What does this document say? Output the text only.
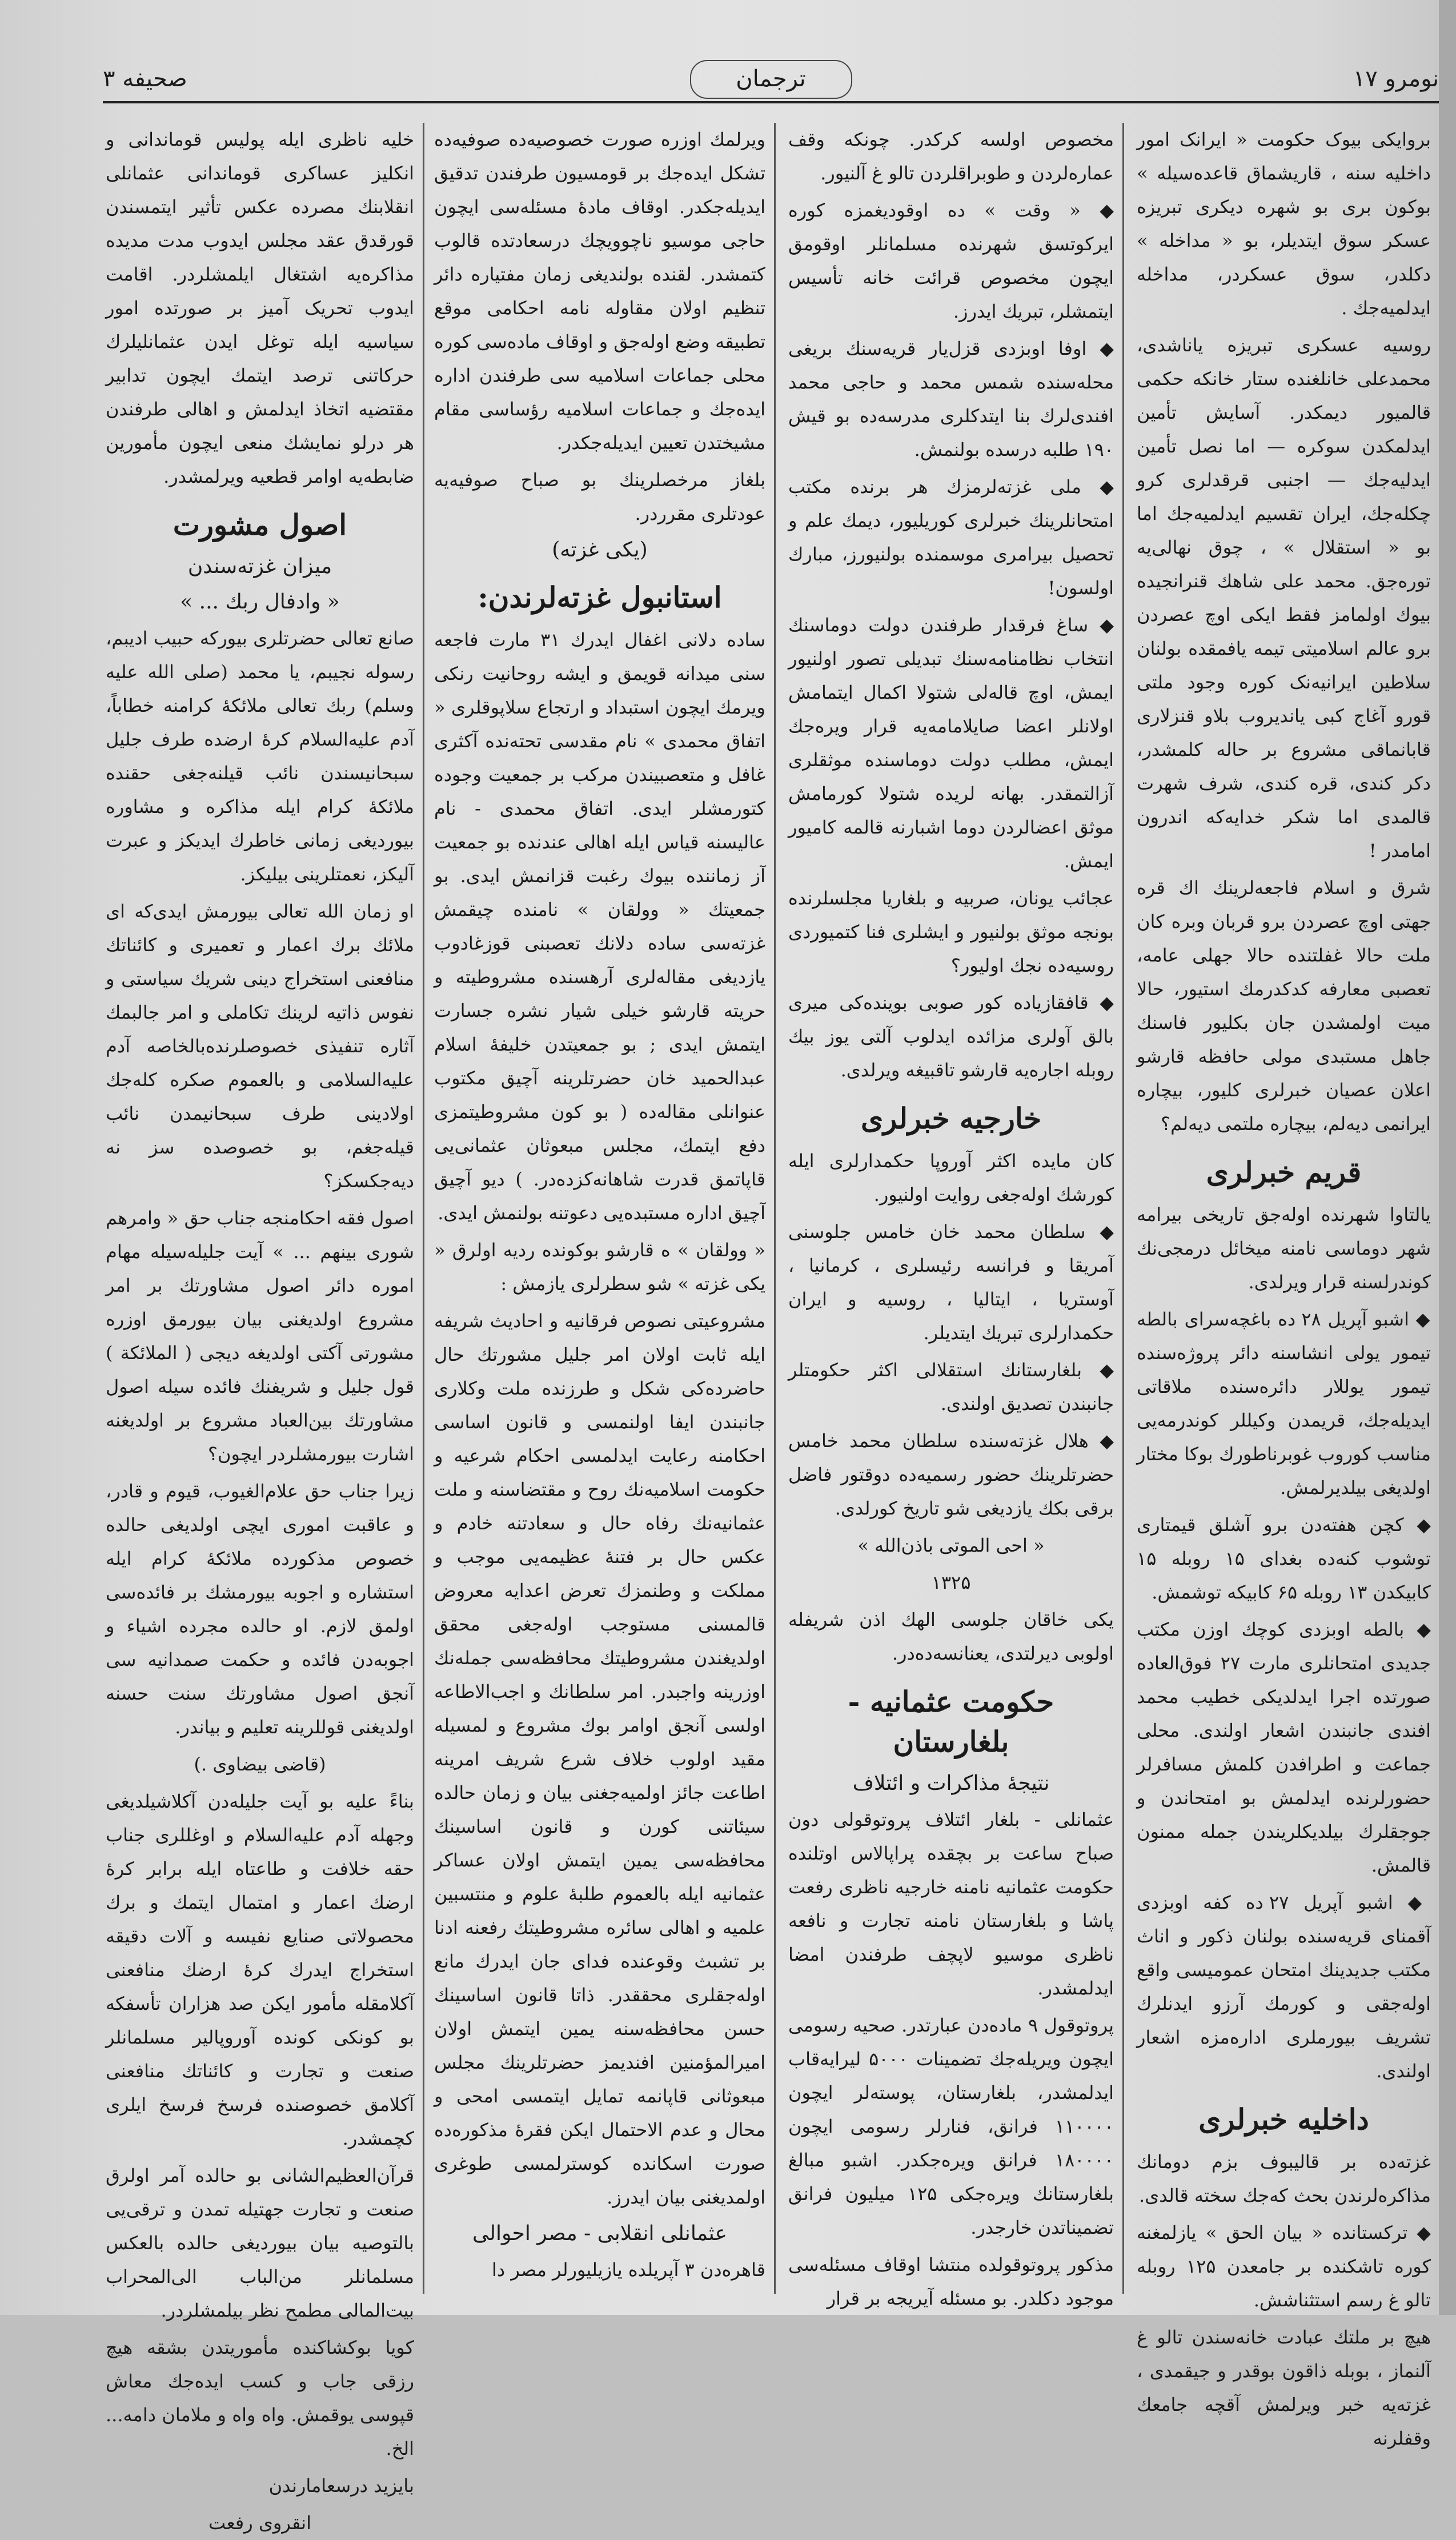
نومرو ۱۷
ترجمان
صحیفه ۳

بروایکی بیوک حکومت « ایرانک امور داخلیه سنه ، قاریشماق قاعده‌سیله » بوکون بری بو شهره دیکری تبریزه عسکر سوق ایتدیلر، بو « مداخله » دکلدر، سوق عسکردر، مداخله ایدلمیه‌جك .

روسیه عسکری تبریزه یاناشدی، محمدعلی خانلغنده ستار خانکه حکمی قالمیور دیمکدر. آسایش تأمین ایدلمکدن سوکره — اما نصل تأمین ایدلیه‌جك — اجنبی قرقدلری کرو چکله‌جك، ایران تقسیم ایدلمیه‌جك اما بو « استقلال » ، چوق نهالی‌یه توره‌جق. محمد علی شاهك قنرانجیده بیوك اولمامز فقط ایکی اوچ عصردن برو عالم اسلامیتی تیمه یافمقده بولنان سلاطین ایرانیه‌نک کوره وجود ملتی قورو آغاج کبی یاندیروب بلاو قنزلاری قابانماقی مشروع بر حاله کلمشدر، دکر کندی، قره کندی، شرف شهرت قالمدی اما شکر خدایه‌که اندرون امامدر !

شرق و اسلام فاجعه‌لرینك اك قره جهتی اوچ عصردن برو قربان وبره کان ملت حالا غفلتنده حالا جهلی عامه، تعصبی معارفه کدکدرمك استیور، حالا میت اولمشدن جان بکلیور فاسنك جاهل مستبدی مولی حافظه قارشو اعلان عصیان خبرلری کلیور، بیچاره ایرانمی دیه‌لم، بیچاره ملتمی دیه‌لم؟

قریم خبرلری

یالتاوا شهرنده اوله‌جق تاریخی بیرامه شهر دوماسی نامنه میخائل درمجی‌نك کوندرلسنه قرار ویرلدی.

◆ اشبو آپریل ۲۸ ده باغچه‌سرای بالطه تیمور یولی انشاسنه دائر پروژه‌سنده تیمور یوللار دائره‌سنده ملاقاتی ایدیله‌جك، قریمدن وکیللر کوندرمه‌یی مناسب کوروب غوبرناطورك بوکا مختار اولدیغی بیلدیرلمش.

◆ کچن هفته‌دن برو آشلق قیمتاری توشوب کنه‌ده بغدای ۱۵ روبله ۱۵ کابیکدن ۱۳ روبله ۶۵ کابیکه توشمش.

◆ بالطه اوبزدی کوچك اوزن مکتب جدیدی امتحانلری مارت ۲۷ فوق‌العاده صورتده اجرا ایدلدیکی خطیب محمد افندی جانبندن اشعار اولندی. محلی جماعت و اطرافدن کلمش مسافرلر حضورلرنده ایدلمش بو امتحاندن و جوجقلرك بیلدیکلریندن جمله ممنون قالمش.

◆ اشبو آپریل ۲۷ ده کفه اوبزدی آقمنای قریه‌سنده بولنان ذکور و اناث مکتب جدیدینك امتحان عمومیسی واقع اوله‌جقی و کورمك آرزو ایدنلرك تشریف بیورملری اداره‌مزه اشعار اولندی.

داخلیه خبرلری

غزته‌ده بر قالیبوف بزم دومانك مذاکره‌لرندن بحث که‌جك سخته قالدی.

◆ ترکستانده « بیان الحق » یازلمغنه کوره تاشکنده بر جامعدن ۱۲۵ روبله تالو غ رسم استثناشش.

هیچ بر ملتك عبادت خانه‌سندن تالو غ آلنماز ، بوبله ذاقون بوقدر و جیقمدی ، غزته‌یه خبر ویرلمش آقچه جامعك وقفلرنه

مخصوص اولسه کرکدر. چونکه وقف عمار‌ه‌لردن و طوبراقلردن تالو غ آلنیور.

◆ « وقت » ده اوقودیغمزه کوره ایرکو‌تسق شهرنده مسلمانلر اوقومق ایچون مخصوص قرائت خانه تأسیس ایتمشلر، تبریك ایدرز.

◆ اوفا اوبزدی قزل‌یار قریه‌سنك بریغی محله‌سنده شمس محمد و حاجی محمد افندی‌لرك بنا ایتدکلری مدرسه‌ده بو قیش ۱۹۰ طلبه درسده بولنمش.

◆ ملی غزته‌لرمزك هر برنده مکتب امتحانلرینك خبرلری کوریلیور، دیمك علم و تحصیل بیرامری موسمنده بولنیورز، مبارك اولسون!

◆ ساغ فرقدار طرفندن دولت دوماسنك انتخاب نظامنامه‌سنك تبدیلی تصور اولنیور ایمش، اوچ قاله‌لی شتولا اکمال ایتمامش اولانلر اعضا صایلامامه‌یه قرار ویره‌جك ایمش، مطلب دولت دوماسنده موثقلری آزالتمقدر. بهانه لریده شتولا کورمامش موثق اعضالردن دوما اشبارنه قالمه کامیور ایمش.

عجائب یونان، صربیه و بلغاریا مجلسلرنده بونجه موثق بولنیور و ایشلری فنا کتمیوردی روسیه‌ده نجك اولیور؟

◆ قافقازیاده کور صوبی بوینده‌کی میری بالق آولری مزائده ایدلوب آلتی یوز بیك روبله اجاره‌یه قارشو تاقبیغه ویرلدی.

خارجیه خبرلری

کان مایده اکثر آوروپا حکمدارلری ایله کورشك اوله‌جغی روایت اولنیور.

◆ سلطان محمد خان خامس جلوسنی آمریقا و فرانسه رئیسلری ، کرمانیا ، آوستریا ، ایتالیا ، روسیه و ایران حکمدارلری تبریك ایتدیلر.

◆ بلغارستانك استقلالی اکثر حکومتلر جانبندن تصدیق اولندی.

◆ هلال غزته‌سنده سلطان محمد خامس حضرتلرینك حضور رسمیه‌ده دوقتور فاضل برقی بکك یازدیغی شو تاریخ کورلدی.

« احی الموتی باذن‌الله »

۱۳۲۵

یکی خاقان جلوسی الهك اذن شریفله اولوبی دیرلتدی، یعنانسه‌ده‌در.

حکومت عثمانیه - بلغارستان
نتیجهٔ مذاکرات و ائتلاف

عثمانلی - بلغار ائتلاف پروتوقولی دون صباح ساعت بر بچقده پراپالاس اوتلنده حکومت عثمانیه نامنه خارجیه ناظری رفعت پاشا و بلغارستان نامنه تجارت و نافعه ناظری موسیو لاپچف طرفندن امضا ایدلمشدر.

پروتوقول ۹ ماده‌دن عبارتدر. صحیه رسومی ایچون ویریله‌جك تضمینات ۵۰۰۰ لیرایه‌قاب ایدلمشدر، بلغارستان، پوسته‌لر ایچون ۱۱۰۰۰۰ فرانق، فنارلر رسومی ایچون ۱۸۰۰۰۰ فرانق ویره‌جکدر. اشبو مبالغ بلغارستانك ویره‌جکی ۱۲۵ میلیون فرانق تضمیناتدن خارجدر.

مذکور پروتوقولده منتشا اوقاف مسئله‌سی موجود دکلدر. بو مسئله آیریجه بر قرار

ویرلمك اوزره صورت خصوصیه‌ده صوفیه‌ده تشکل ایده‌جك بر قومسیون طرفندن تدقیق ایدیله‌جکدر. اوقاف مادهٔ مسئله‌سی ایچون حاجی موسیو ناچوویچك درسعادتده قالوب کتمشدر. لقنده بولندیغی زمان مفتیاره دائر تنظیم اولان مقاوله نامه احکامی موقع تطبیقه وضع اوله‌جق و اوقاف ماده‌سی کوره محلی جماعات اسلامیه سی طرفندن اداره ایده‌جك و جماعات اسلامیه رؤساسی مقام مشیختدن تعیین ایدیله‌جکدر.

بلغاز مرخصلرینك بو صباح صوفیه‌یه عودتلری مقرردر.

(یکی غزته)
استانبول غزته‌لرندن:

ساده دلانی اغفال ایدرك ۳۱ مارت فاجعه سنی میدانه قویمق و ایشه روحانیت رنکی ویرمك ایچون استبداد و ارتجاع سلاپوقلری « اتفاق محمدی » نام مقدسی تحته‌نده آکثری غافل و متعصبیندن مرکب بر جمعیت وجوده کتورمشلر ایدی. اتفاق محمدی - نام عالیسنه قیاس ایله اهالی عندنده بو جمعیت آز زماننده بیوك رغبت قزانمش ایدی. بو جمعیتك « وولقان » نامنده چیقمش غزته‌سی ساده دلانك تعصبنی قوزغادوب یازدیغی مقاله‌لری آرهسنده مشروطیته و حریته قارشو خیلی شیار نشره جسارت ایتمش ایدی ; بو جمعیتدن خلیفهٔ اسلام عبدالحمید خان حضرتلرینه آچیق مکتوب عنوانلی مقاله‌ده ( بو کون مشروطیتمزی دفع ایتمك، مجلس مبعوثان عثمانی‌یی قاپاتمق قدرت شاهانه‌کزده‌در. ) دیو آچیق آچیق اداره مستبده‌یی دعوتنه بولنمش ایدی.

« وولقان » ه قارشو بوکونده ردیه اولرق « یکی غزته » شو سطرلری یازمش :

مشروعیتی نصوص فرقانیه و احادیث شریفه ایله ثابت اولان امر جلیل مشورتك حال حاضرده‌کی شکل و طرزنده ملت وکلاری جانبندن ایفا اولنمسی و قانون اساسی احکامنه رعایت ایدلمسی احکام شرعیه و حکومت اسلامیه‌نك روح و مقتضاسنه و ملت عثمانیه‌نك رفاه حال و سعادتنه خادم و عکس حال بر فتنهٔ عظیمه‌یی موجب و مملکت و وطنمزك تعرض اعدایه معروض قالمسنی مستوجب اوله‌جغی محقق اولدیغندن مشروطیتك محافظه‌سی جمله‌نك اوزرینه واجبدر. امر سلطانك و اجب‌الاطاعه اولسی آنجق اوامر بوك مشروع و لمسیله مقید اولوب خلاف شرع شریف امرینه اطاعت جائز اولمیه‌جغنی بیان و زمان حالده سیئاتنی کورن و قانون اساسینك محافظه‌سی یمین ایتمش اولان عساکر عثمانیه ایله بالعموم طلبهٔ علوم و منتسبین علمیه و اهالی سائره مشروطیتك رفعنه ادنا بر تشبث وقوعنده فدای جان ایدرك مانع اوله‌جقلری محققدر. ذاتا قانون اساسینك حسن محافظه‌سنه یمین ایتمش اولان امیرالمؤمنین افندیمز حضرتلرینك مجلس مبعوثانی قاپانمه تمایل ایتمسی امحی و محال و عدم الاحتمال ایکن فقرهٔ مذکوره‌ده صورت اسکانده کوسترلمسی طوغری اولمدیغنی بیان ایدرز.

عثمانلی انقلابی - مصر احوالی

قاهره‌دن ۳ آپریلده یازیلیورلر مصر دا

خلیه ناظری ایله پولیس قوماندانی و انکلیز عساکری قوماندانی عثمانلی انقلابنك مصرده عکس تأثیر ایتمسندن قورقدق عقد مجلس ایدوب مدت مدیده مذاکره‌یه اشتغال ایلمشلردر. اقامت ایدوب تحریک آمیز بر صورتده امور سیاسیه ایله توغل ایدن عثمانلیلرك حرکاتنی ترصد ایتمك ایچون تدابیر مقتضیه اتخاذ ایدلمش و اهالی طرفندن هر درلو نمایشك منعی ایچون مأمورین ضابطه‌یه اوامر قطعیه ویرلمشدر.

اصول مشورت
میزان غزته‌سندن
« وادفال ربك ... »

صانع تعالی حضرتلری بیورکه حبیب ادیبم، رسوله نجیبم، یا محمد (صلی الله علیه وسلم) ربك تعالی ملائکهٔ کرامنه خطاباً، آدم علیه‌السلام کرهٔ ارضده طرف جلیل سبحانیسندن نائب قیلنه‌جغی حقنده ملائکهٔ کرام ایله مذاکره و مشاوره بیوردیغی زمانی خاطرك ایدیکز و عبرت آلیکز، نعمتلرینی بیلیکز.

او زمان الله تعالی بیورمش ایدی‌که ای ملائك برك اعمار و تعمیری و کائناتك منافعنی استخراج دینی شریك سیاستی و نفوس ذاتیه لرینك تکاملی و امر جالبمك آثاره تنفیذی خصوصلرنده‌بالخاصه آدم علیه‌السلامی و بالعموم صکره کله‌جك اولادینی طرف سبحانیمدن نائب قیله‌جغم، بو خصوصده سز نه دیه‌جکسکز؟

اصول فقه احکامنجه جناب حق « وامرهم شوری بینهم ... » آیت جلیله‌سیله مهام اموره دائر اصول مشاورتك بر امر مشروع اولدیغنی بیان بیورمق اوزره مشورتی آکتی اولدیغه دیجی ( الملائکة ) قول جلیل و شریفنك فائده سیله اصول مشاورتك بین‌العباد مشروع بر اولدیغنه اشارت بیورمشلردر ایچون؟

زیرا جناب حق علام‌الغیوب، قیوم و قادر، و عاقبت اموری ایچی اولدیغی حالده خصوص مذکورده ملائکهٔ کرام ایله استشاره و اجوبه بیورمشك بر فائده‌سی اولمق لازم. او حالده مجرده اشیاء و اجوبه‌دن فائده و حکمت صمدانیه سی آنجق اصول مشاورتك سنت حسنه اولدیغنی قوللرینه تعلیم و بیاندر.

(قاضی بیضاوی .)

بناءً علیه بو آیت جلیله‌دن آکلاشیلدیغی وجهله آدم علیه‌السلام و اوغللری جناب حقه خلافت و طاعتاه ایله برابر کرهٔ ارضك اعمار و امتمال ایتمك و برك محصولاتی صنایع نفیسه و آلات دقیقه استخراج ایدرك کرهٔ ارضك منافعنی آکلامقله مأمور ایکن صد هزاران تأسفکه بو کونکی کونده آوروپالیر مسلمانلر صنعت و تجارت و کائناتك منافعنی آکلامق خصوصنده فرسخ فرسخ ایلری کچمشدر.

قرآن‌العظیم‌الشانی بو حالده آمر اولرق صنعت و تجارت جهتیله تمدن و ترقی‌یی بالتوصیه بیان بیوردیغی حالده بالعکس مسلمانلر من‌الباب الی‌المحراب بیت‌المالی مطمح نظر بیلمشلردر.

کویا بوکشاکنده مأموریتدن بشقه هیچ رزقی جاب و کسب ایده‌جك معاش قپوسی یوقمش. واه واه و ملامان دامه... الخ.

بایزید درسعامارندن

انقروی رفعت
